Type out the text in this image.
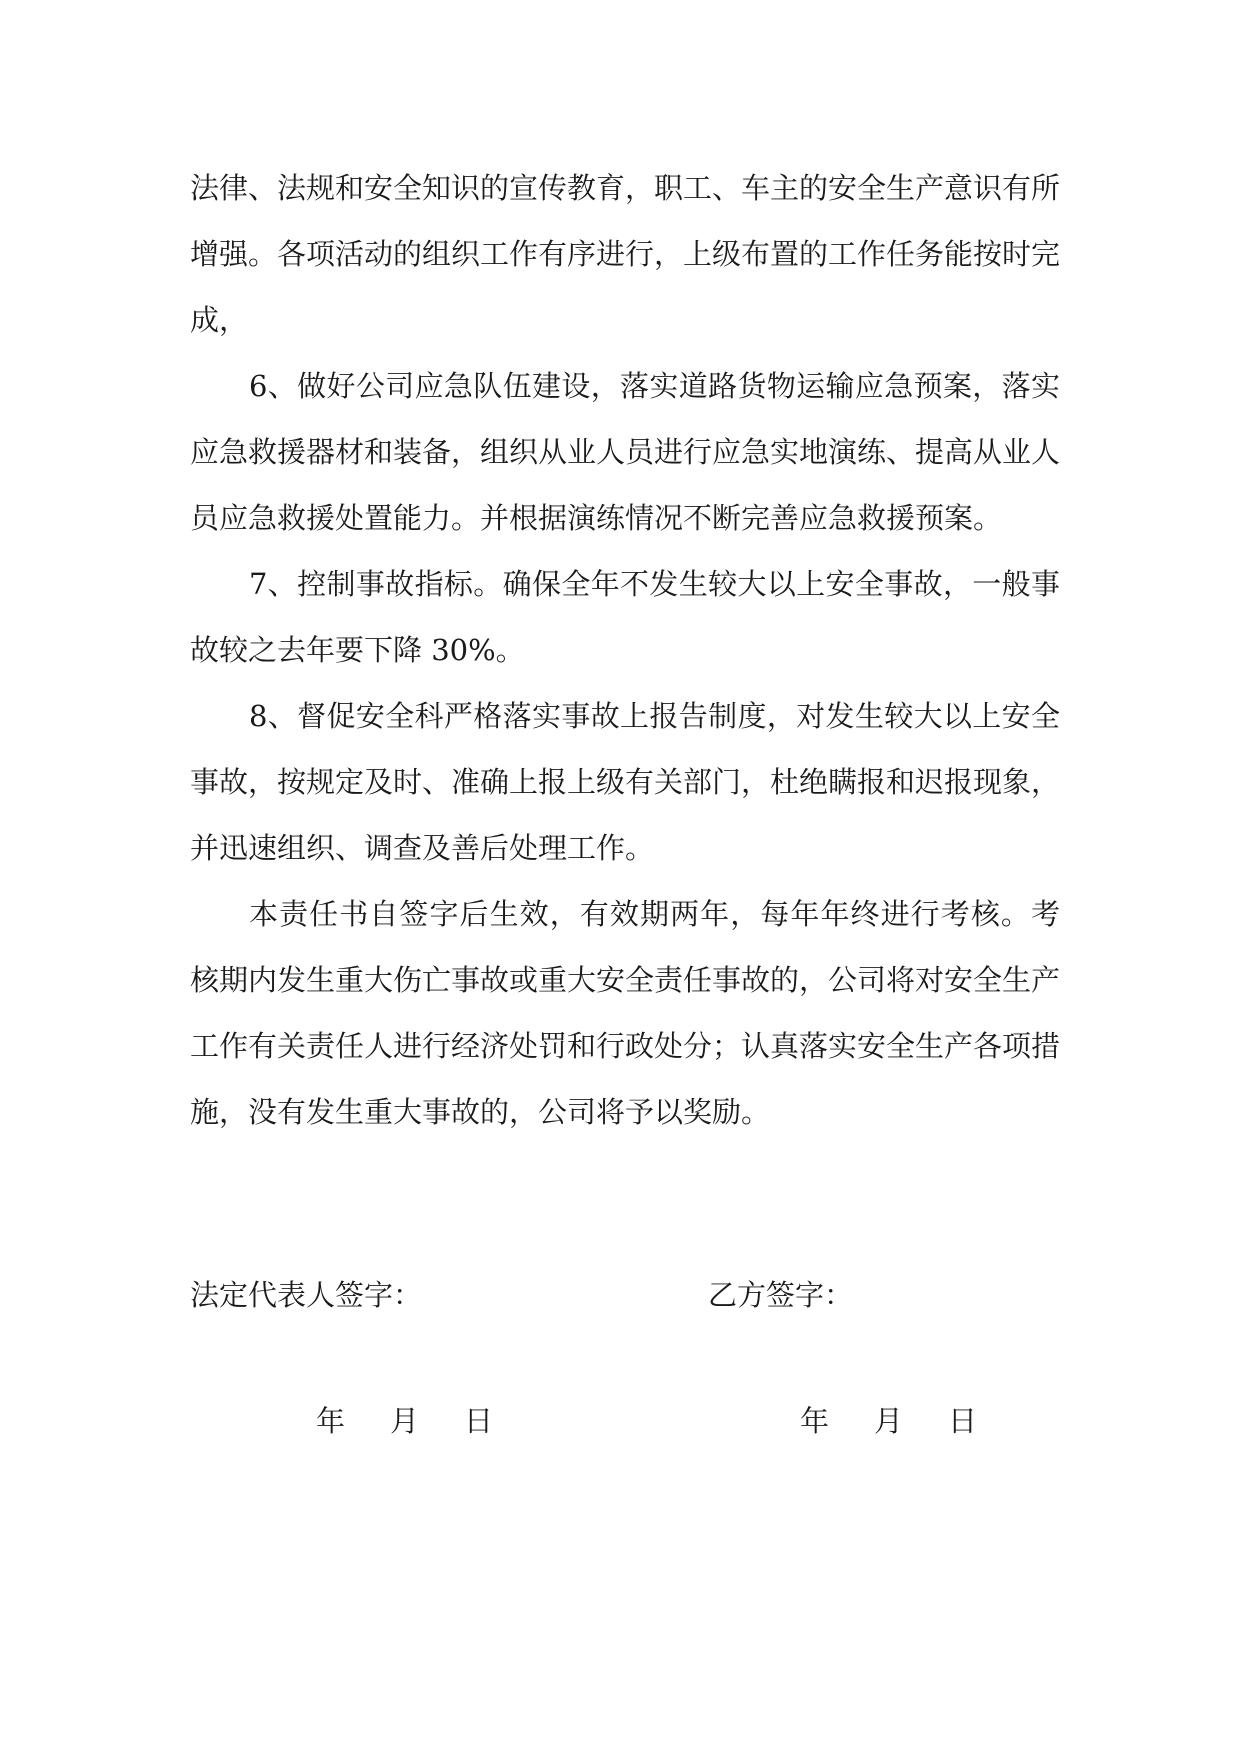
法律、法规和安全知识的宣传教育，职工、车主的安全生产意识有所增强。各项活动的组织工作有序进行，上级布置的工作任务能按时完成，

6、做好公司应急队伍建设，落实道路货物运输应急预案，落实应急救援器材和装备，组织从业人员进行应急实地演练、提高从业人员应急救援处置能力。并根据演练情况不断完善应急救援预案。

7、控制事故指标。确保全年不发生较大以上安全事故，一般事故较之去年要下降 30%。

8、督促安全科严格落实事故上报告制度，对发生较大以上安全事故，按规定及时、准确上报上级有关部门，杜绝瞒报和迟报现象，并迅速组织、调查及善后处理工作。

本责任书自签字后生效，有效期两年，每年年终进行考核。考核期内发生重大伤亡事故或重大安全责任事故的，公司将对安全生产工作有关责任人进行经济处罚和行政处分；认真落实安全生产各项措施，没有发生重大事故的，公司将予以奖励。

法定代表人签字：	乙方签字：
年 月 日	年 月 日
